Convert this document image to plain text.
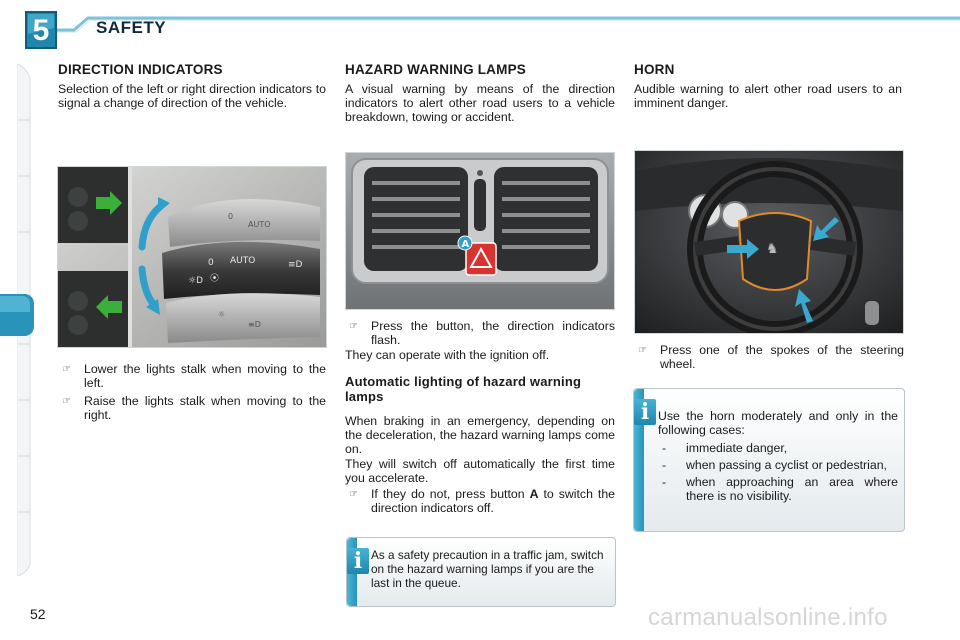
5	SAFETY
DIRECTION INDICATORS
Selection of the left or right direction indicators to signal a change of direction of the vehicle.
0 AUTO	≡D
☼D ⦿
0
AUTO
☼
≡D
☞	Lower the lights stalk when moving to the left.
☞	Raise the lights stalk when moving to the right.
HAZARD WARNING LAMPS
A visual warning by means of the direction indicators to alert other road users to a vehicle breakdown, towing or accident.
A
☞	Press the button, the direction indicators flash.
They can operate with the ignition off.
Automatic lighting of hazard warning lamps
When braking in an emergency, depending on the deceleration, the hazard warning lamps come on.
They will switch off automatically the first time you accelerate.
☞	If they do not, press button A to switch the direction indicators off.
i As a safety precaution in a traffic jam, switch on the hazard warning lamps if you are the last in the queue.
HORN
Audible warning to alert other road users to an imminent danger.
♞
☞	Press one of the spokes of the steering wheel.
i Use the horn moderately and only in the following cases:
-	immediate danger,
-	when passing a cyclist or pedestrian,
-	when approaching an area where there is no visibility.
52	carmanualsonline.info
